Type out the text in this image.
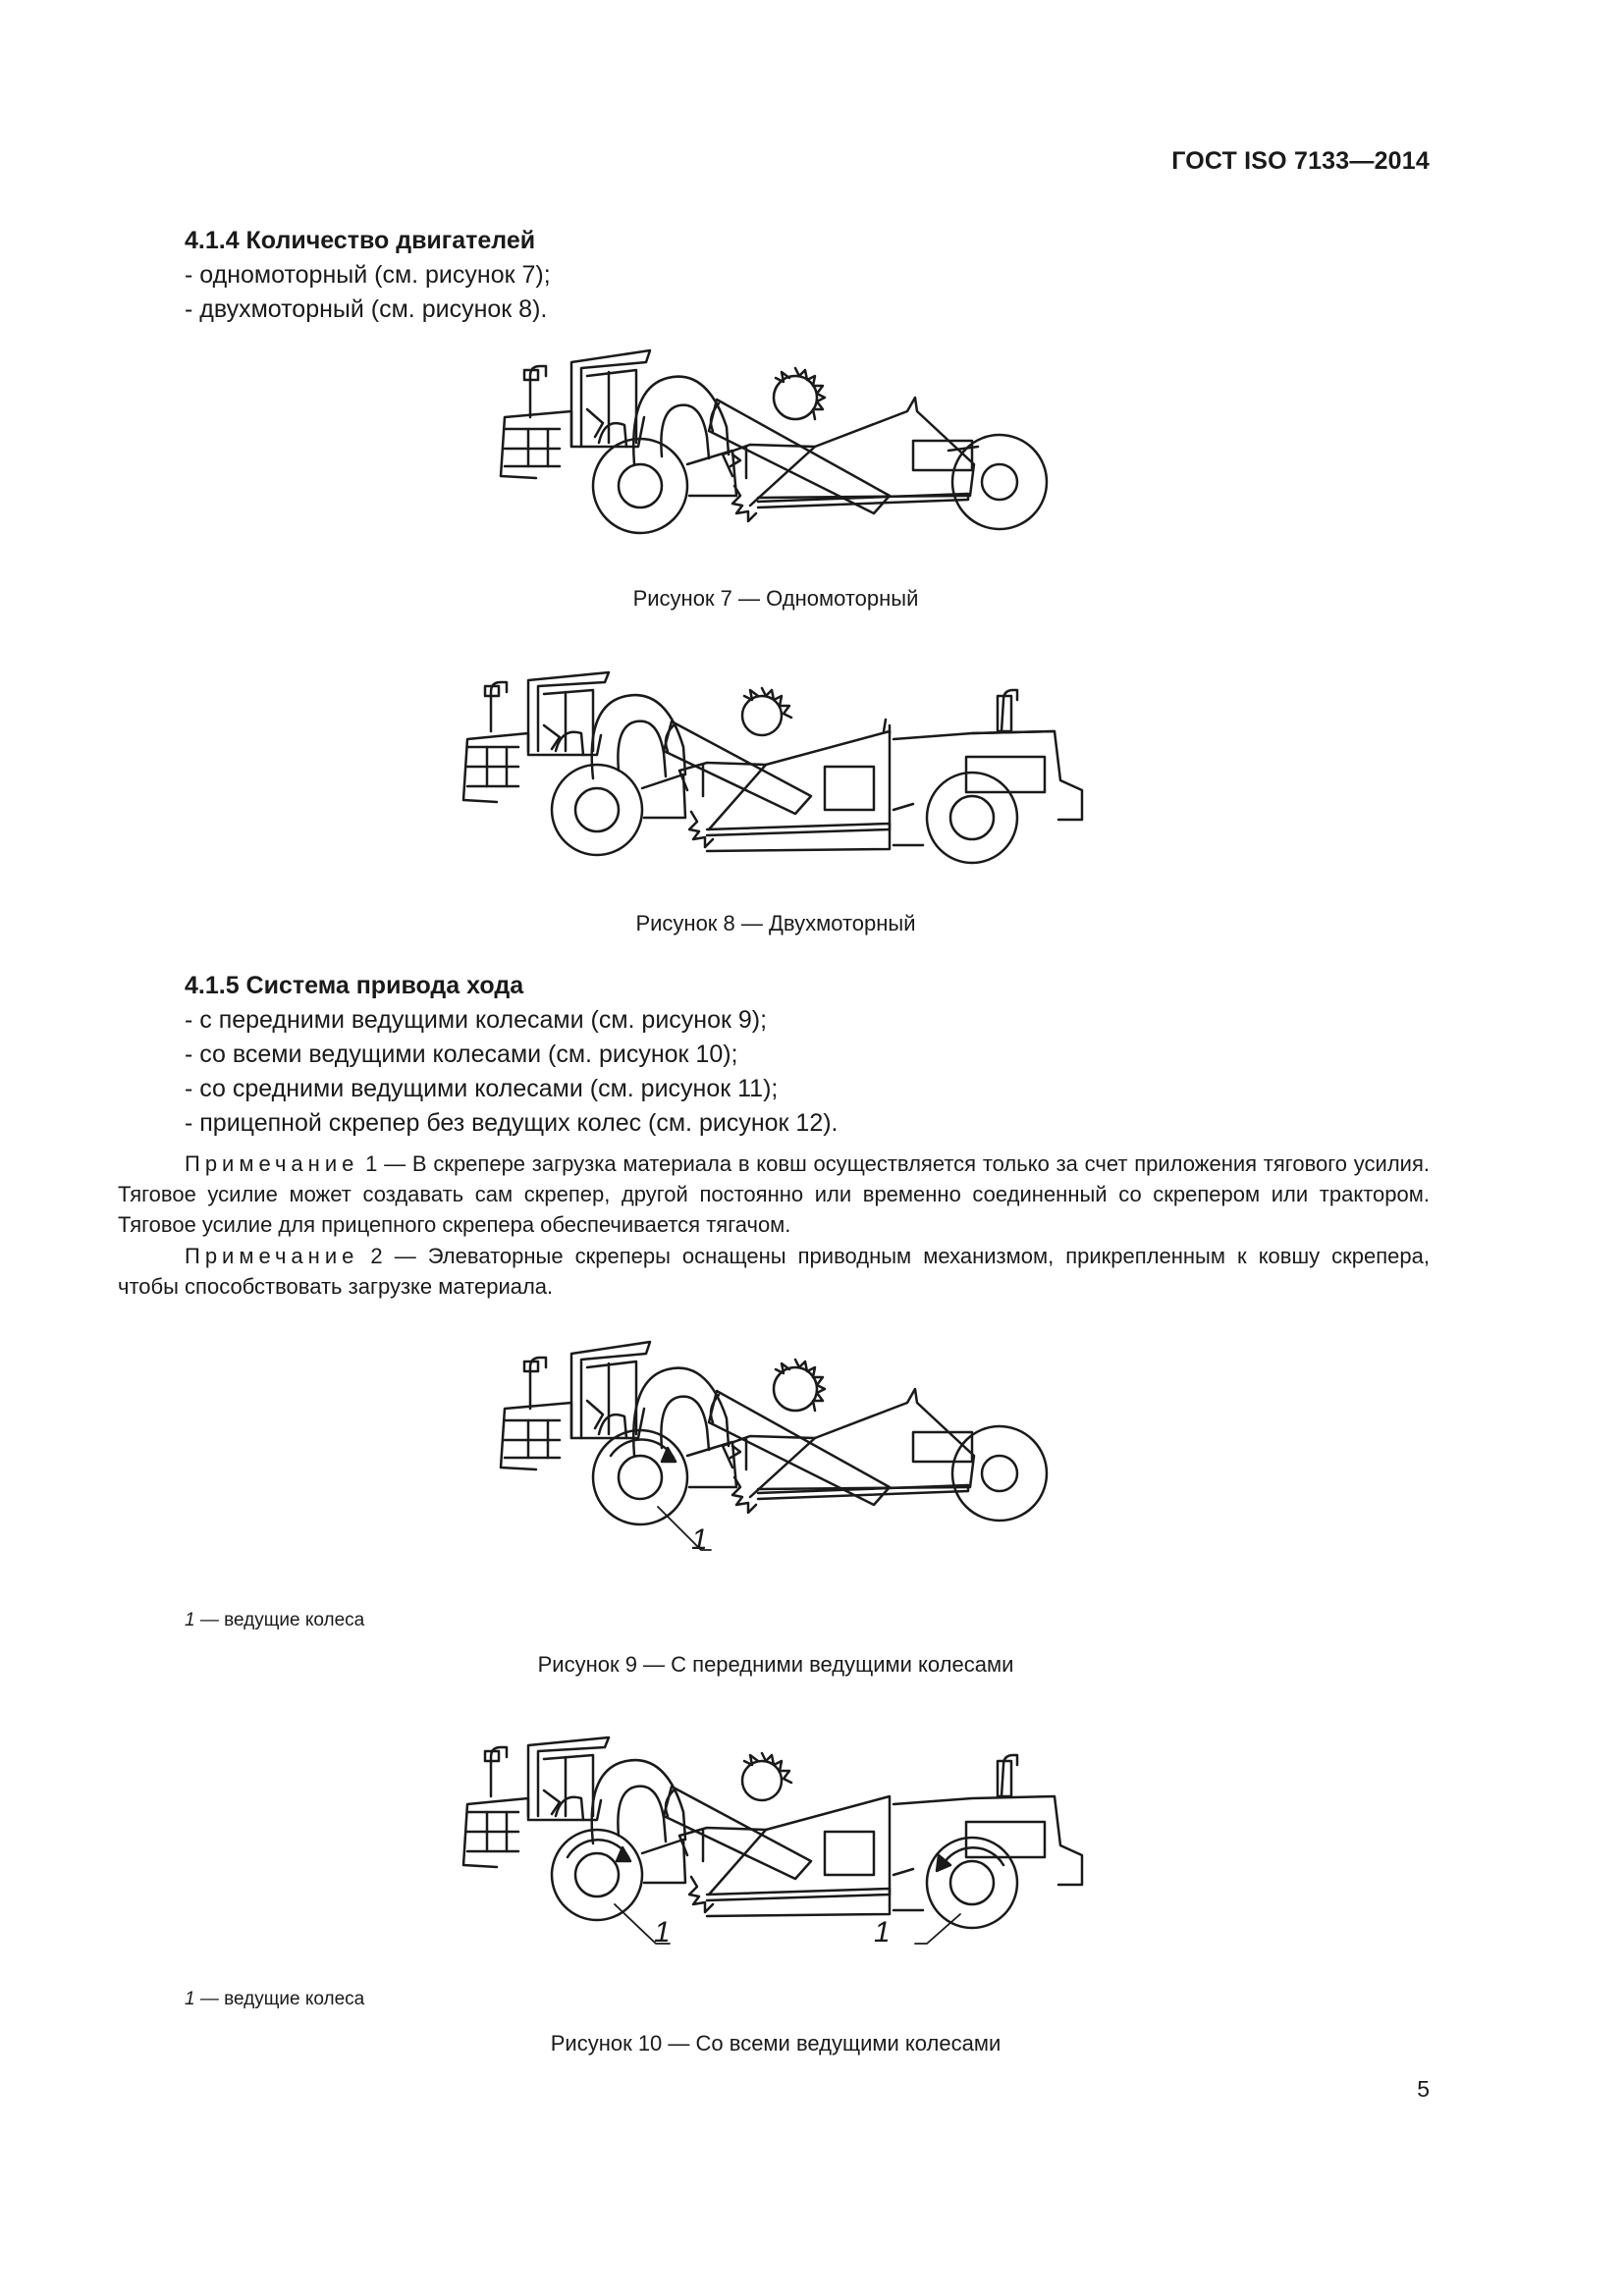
ГОСТ ISO 7133—2014
4.1.4 Количество двигателей
- одномоторный (см. рисунок 7);
- двухмоторный (см. рисунок 8).
Рисунок 7 — Одномоторный
Рисунок 8 — Двухмоторный
4.1.5 Система привода хода
- с передними ведущими колесами (см. рисунок 9);
- со всеми ведущими колесами (см. рисунок 10);
- со средними ведущими колесами (см. рисунок 11);
- прицепной скрепер без ведущих колес (см. рисунок 12).
Примечание 1 — В скрепере загрузка материала в ковш осуществляется только за счет приложения тягового усилия. Тяговое усилие может создавать сам скрепер, другой постоянно или временно соединенный со скрепером или трактором. Тяговое усилие для прицепного скрепера обеспечивается тягачом.
Примечание 2 — Элеваторные скреперы оснащены приводным механизмом, прикрепленным к ковшу скрепера, чтобы способствовать загрузке материала.
1
1 — ведущие колеса
Рисунок 9 — С передними ведущими колесами
1	1
1 — ведущие колеса
Рисунок 10 — Со всеми ведущими колесами
5
